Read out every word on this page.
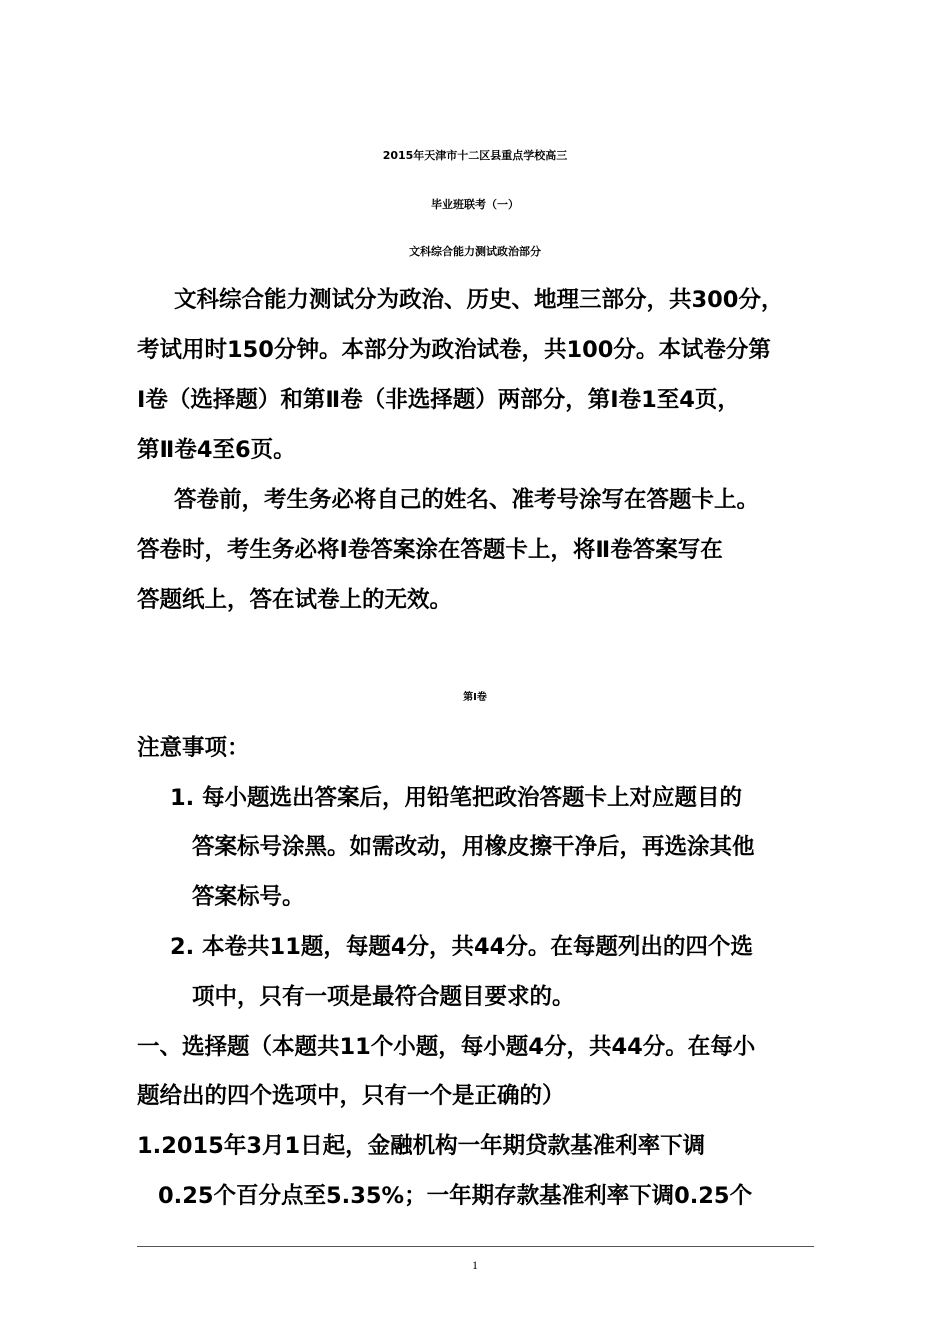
2015年天津市十二区县重点学校高三
毕业班联考（一）
文科综合能力测试政治部分
文科综合能力测试分为政治、历史、地理三部分，共300分，
考试用时150分钟。本部分为政治试卷，共100分。本试卷分第
Ⅰ卷（选择题）和第Ⅱ卷（非选择题）两部分，第Ⅰ卷1至4页，
第Ⅱ卷4至6页。
答卷前，考生务必将自己的姓名、准考号涂写在答题卡上。
答卷时，考生务必将Ⅰ卷答案涂在答题卡上，将Ⅱ卷答案写在
答题纸上，答在试卷上的无效。
第Ⅰ卷
注意事项：
1. 每小题选出答案后，用铅笔把政治答题卡上对应题目的
答案标号涂黑。如需改动，用橡皮擦干净后，再选涂其他
答案标号。
2. 本卷共11题，每题4分，共44分。在每题列出的四个选
项中，只有一项是最符合题目要求的。
一、选择题（本题共11个小题，每小题4分，共44分。在每小
题给出的四个选项中，只有一个是正确的）
1.2015年3月1日起，金融机构一年期贷款基准利率下调
0.25个百分点至5.35%；一年期存款基准利率下调0.25个
1
